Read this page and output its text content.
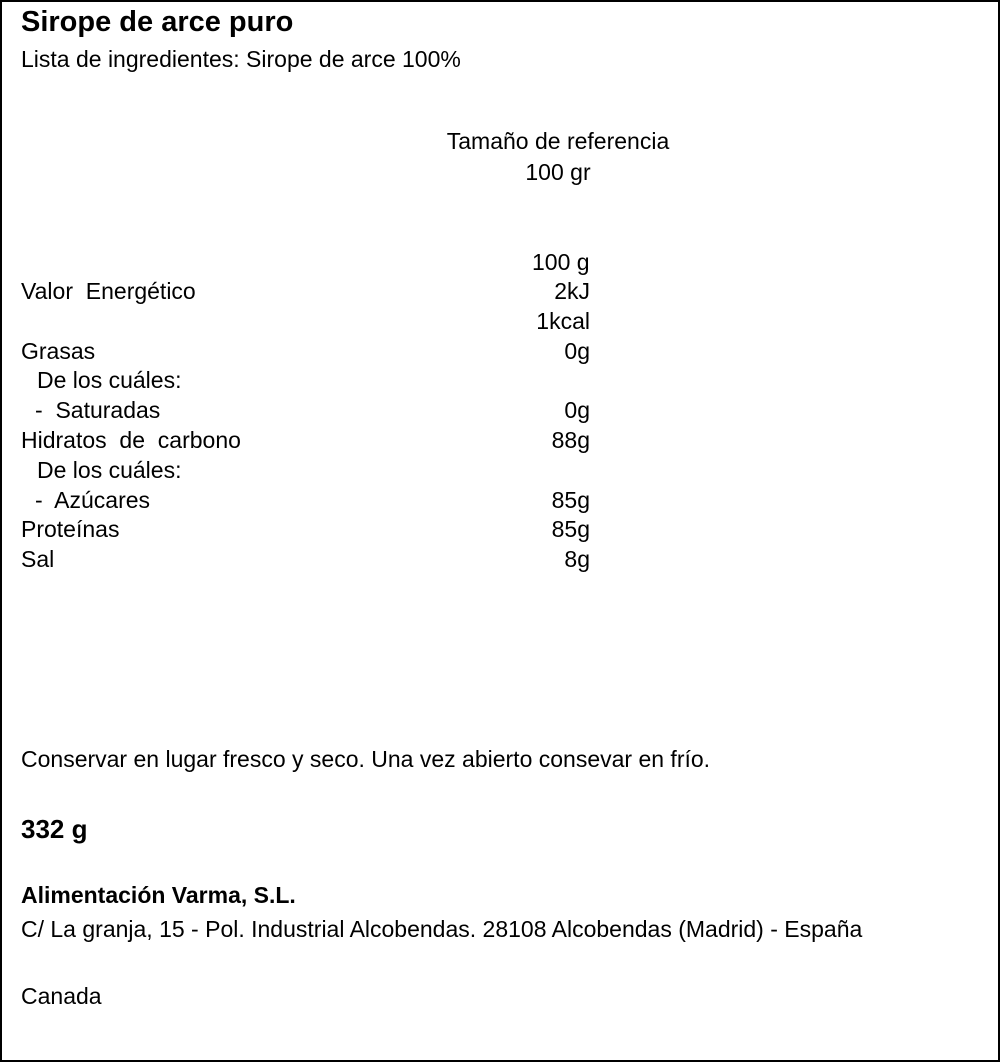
Sirope de arce puro
Lista de ingredientes: Sirope de arce 100%
Tamaño de referencia
100 gr
100 g
Valor  Energético	2kJ
1kcal
Grasas	0g
De los cuáles:
-  Saturadas	0g
Hidratos  de  carbono	88g
De los cuáles:
-  Azúcares	85g
Proteínas	85g
Sal	8g
Conservar en lugar fresco y seco. Una vez abierto consevar en frío.
332 g
Alimentación Varma, S.L.
C/ La granja, 15 - Pol. Industrial Alcobendas. 28108 Alcobendas (Madrid) - España
Canada
